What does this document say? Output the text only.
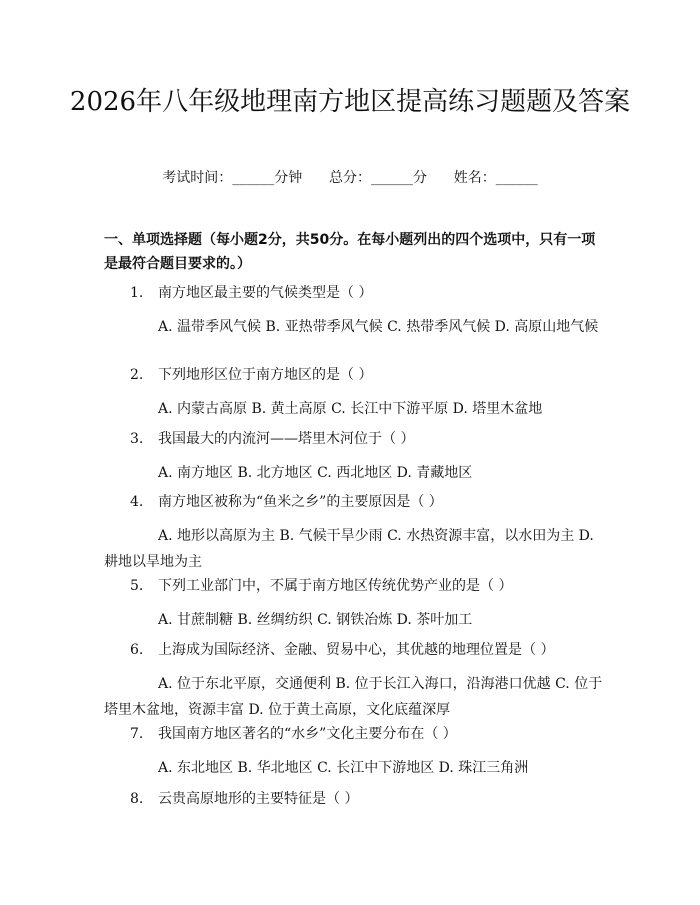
2026年八年级地理南方地区提高练习题题及答案
考试时间：______分钟      总分：______分      姓名：______
一、单项选择题（每小题2分，共50分。在每小题列出的四个选项中，只有一项是最符合题目要求的。）
1. 南方地区最主要的气候类型是（ ）
A. 温带季风气候 B. 亚热带季风气候 C. 热带季风气候 D. 高原山地气候
2. 下列地形区位于南方地区的是（ ）
A. 内蒙古高原 B. 黄土高原 C. 长江中下游平原 D. 塔里木盆地
3. 我国最大的内流河——塔里木河位于（ ）
A. 南方地区 B. 北方地区 C. 西北地区 D. 青藏地区
4. 南方地区被称为“鱼米之乡”的主要原因是（ ）
A. 地形以高原为主 B. 气候干旱少雨 C. 水热资源丰富，以水田为主 D. 耕地以旱地为主
5. 下列工业部门中，不属于南方地区传统优势产业的是（ ）
A. 甘蔗制糖 B. 丝绸纺织 C. 钢铁冶炼 D. 茶叶加工
6. 上海成为国际经济、金融、贸易中心，其优越的地理位置是（ ）
A. 位于东北平原，交通便利 B. 位于长江入海口，沿海港口优越 C. 位于塔里木盆地，资源丰富 D. 位于黄土高原，文化底蕴深厚
7. 我国南方地区著名的“水乡”文化主要分布在（ ）
A. 东北地区 B. 华北地区 C. 长江中下游地区 D. 珠江三角洲
8. 云贵高原地形的主要特征是（ ）
